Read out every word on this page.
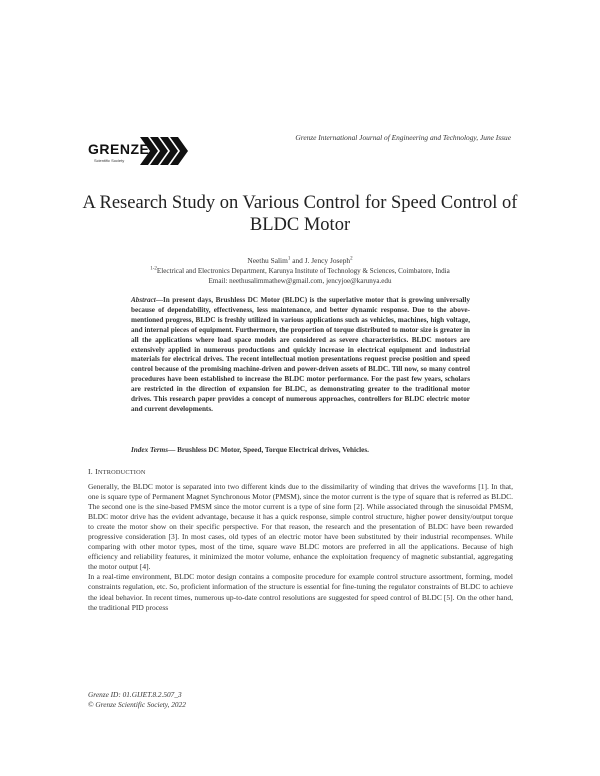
GRENZE
Scientific Society
Grenze International Journal of Engineering and Technology, June Issue
A Research Study on Various Control for Speed Control of BLDC Motor
Neethu Salim$^1$ and J. Jency Joseph$^2$
$^{1-2}$Electrical and Electronics Department, Karunya Institute of Technology & Sciences, Coimbatore, India
Email: neethusalimmathew@gmail.com, jencyjoe@karunya.edu
Abstract—In present days, Brushless DC Motor (BLDC) is the superlative motor that is growing universally because of dependability, effectiveness, less maintenance, and better dynamic response. Due to the above-mentioned progress, BLDC is freshly utilized in various applications such as vehicles, machines, high voltage, and internal pieces of equipment. Furthermore, the proportion of torque distributed to motor size is greater in all the applications where load space models are considered as severe characteristics. BLDC motors are extensively applied in numerous productions and quickly increase in electrical equipment and industrial materials for electrical drives. The recent intellectual motion presentations request precise position and speed control because of the promising machine-driven and power-driven assets of BLDC. Till now, so many control procedures have been established to increase the BLDC motor performance. For the past few years, scholars are restricted in the direction of expansion for BLDC, as demonstrating greater to the traditional motor drives. This research paper provides a concept of numerous approaches, controllers for BLDC electric motor and current developments.
Index Terms— Brushless DC Motor, Speed, Torque Electrical drives, Vehicles.
I. INTRODUCTION

Generally, the BLDC motor is separated into two different kinds due to the dissimilarity of winding that drives the waveforms [1]. In that, one is square type of Permanent Magnet Synchronous Motor (PMSM), since the motor current is the type of square that is referred as BLDC. The second one is the sine-based PMSM since the motor current is a type of sine form [2]. While associated through the sinusoidal PMSM, BLDC motor drive has the evident advantage, because it has a quick response, simple control structure, higher power density/output torque to create the motor show on their specific perspective. For that reason, the research and the presentation of BLDC have been rewarded progressive consideration [3]. In most cases, old types of an electric motor have been substituted by their industrial recompenses. While comparing with other motor types, most of the time, square wave BLDC motors are preferred in all the applications. Because of high efficiency and reliability features, it minimized the motor volume, enhance the exploitation frequency of magnetic substantial, aggregating the motor output [4].

In a real-time environment, BLDC motor design contains a composite procedure for example control structure assortment, forming, model constraints regulation, etc. So, proficient information of the structure is essential for fine-tuning the regulator constraints of BLDC to achieve the ideal behavior. In recent times, numerous up-to-date control resolutions are suggested for speed control of BLDC [5]. On the other hand, the traditional PID process

Grenze ID: 01.GIJET.8.2.507_3
© Grenze Scientific Society, 2022
